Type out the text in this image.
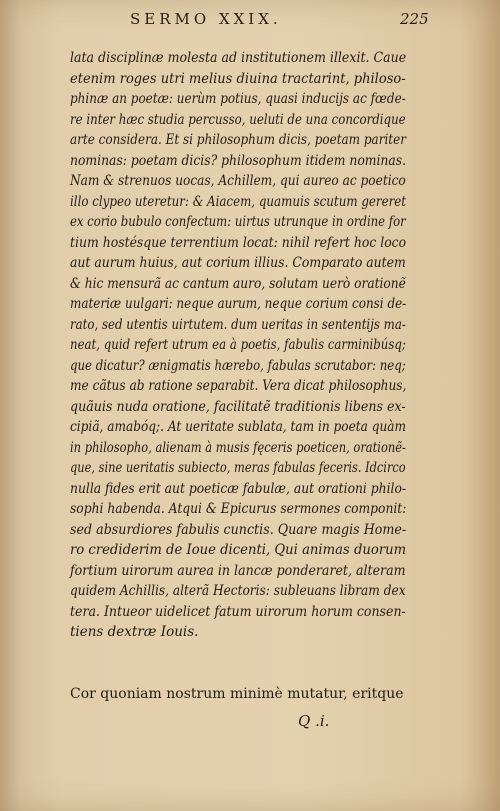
SERMO XXIX.	225
lata disciplinæ molesta ad institutionem illexit. Caue
etenim roges utri melius diuina tractarint, philoso-
phinæ an poetæ: uerùm potius, quasi inducijs ac fœde-
re inter hæc studia percusso, ueluti de una concordique
arte considera. Et si philosophum dicis, poetam pariter
nominas: poetam dicis? philosophum itidem nominas.
Nam & strenuos uocas, Achillem, qui aureo ac poetico
illo clypeo uteretur: & Aiacem, quamuis scutum gereret
ex corio bubulo confectum: uirtus utrunque in ordine for
tium hostésque terrentium locat: nihil refert hoc loco
aut aurum huius, aut corium illius. Comparato autem
& hic mensurã ac cantum auro, solutam uerò orationẽ
materiæ uulgari: neque aurum, neque corium consi de-
rato, sed utentis uirtutem. dum ueritas in sententijs ma-
neat, quid refert utrum ea à poetis, fabulis carminibúsq;
que dicatur? ænigmatis hærebo, fabulas scrutabor: neq;
me cãtus ab ratione separabit. Vera dicat philosophus,
quãuis nuda oratione, facilitatẽ traditionis libens ex-
cipiã, amabóq;. At ueritate sublata, tam in poeta quàm
in philosopho, alienam à musis fęceris poeticen, orationẽ-
que, sine ueritatis subiecto, meras fabulas feceris. Idcirco
nulla fides erit aut poeticæ fabulæ, aut orationi philo-
sophi habenda. Atqui & Epicurus sermones componit:
sed absurdiores fabulis cunctis. Quare magis Home-
ro crediderim de Ioue dicenti, Qui animas duorum
fortium uirorum aurea in lancæ ponderaret, alteram
quidem Achillis, alterã Hectoris: subleuans libram dex
tera. Intueor uidelicet fatum uirorum horum consen-
tiens dextræ Iouis.
Cor quoniam nostrum minimè mutatur, eritque
Q .i.
